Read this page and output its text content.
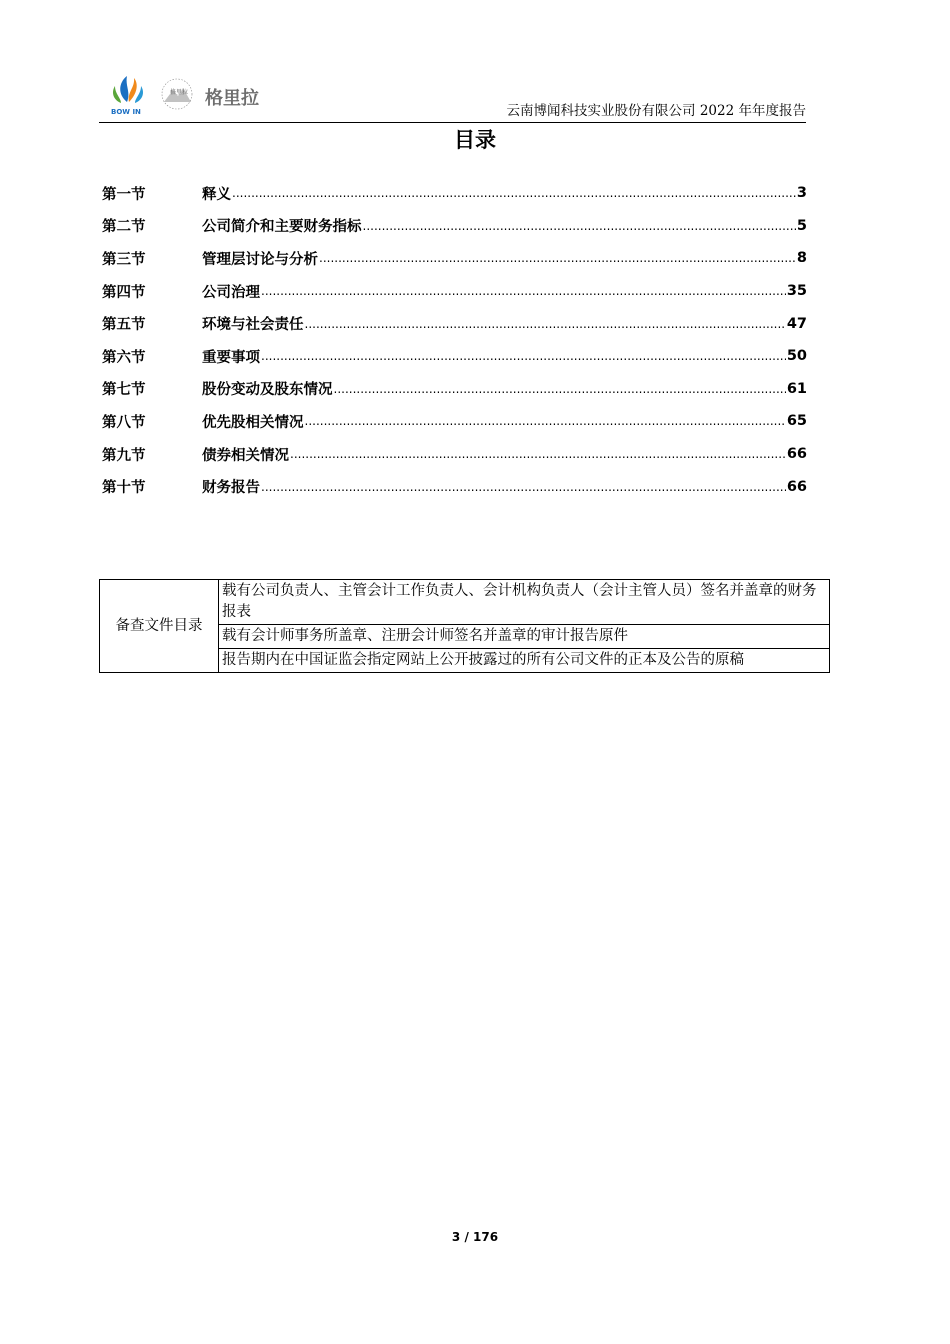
BOW IN
格里拉 格里拉
云南博闻科技实业股份有限公司 2022 年年度报告
目录
第一节	释义 .....	3
第二节	公司简介和主要财务指标 .....	5
第三节	管理层讨论与分析 .....	8
第四节	公司治理 .....	35
第五节	环境与社会责任 .....	47
第六节	重要事项 .....	50
第七节	股份变动及股东情况 .....	61
第八节	优先股相关情况 .....	65
第九节	债券相关情况 .....	66
第十节	财务报告 .....	66
备查文件目录	载有公司负责人、主管会计工作负责人、会计机构负责人（会计主管人员）签名并盖章的财务报表
载有会计师事务所盖章、注册会计师签名并盖章的审计报告原件
报告期内在中国证监会指定网站上公开披露过的所有公司文件的正本及公告的原稿
3 / 176
